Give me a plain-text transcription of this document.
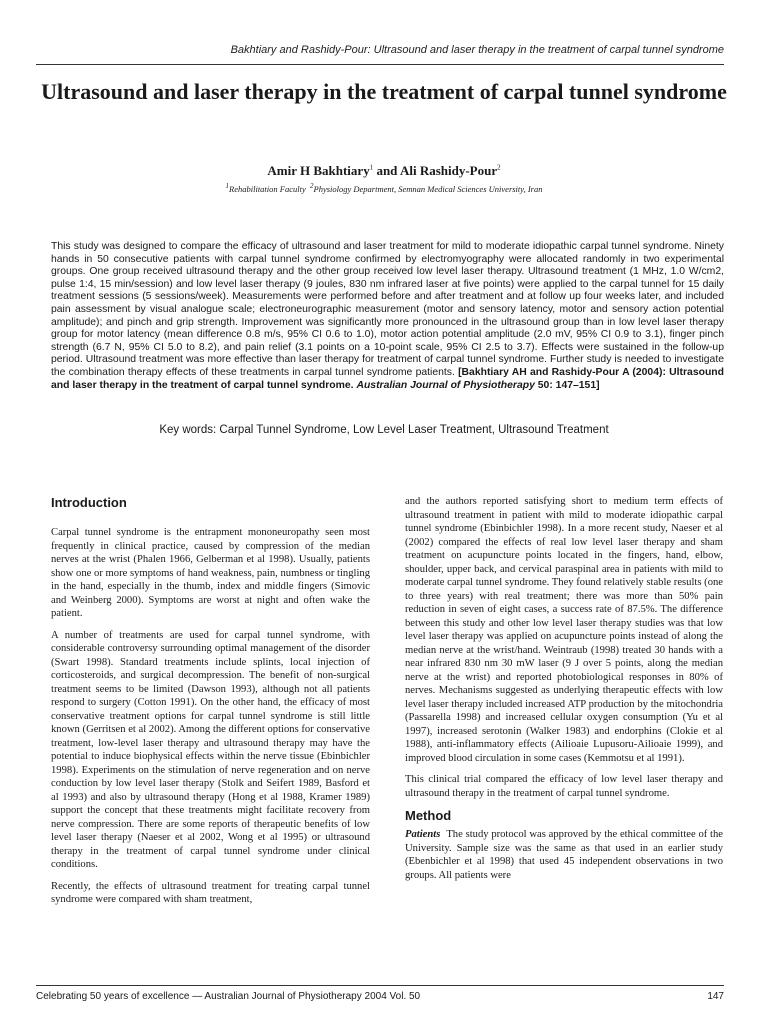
Bakhtiary and Rashidy-Pour: Ultrasound and laser therapy in the treatment of carpal tunnel syndrome
Ultrasound and laser therapy in the treatment of carpal tunnel syndrome
Amir H Bakhtiary$^1$ and Ali Rashidy-Pour$^2$
$^1$Rehabilitation Faculty $^2$Physiology Department, Semnan Medical Sciences University, Iran

This study was designed to compare the efficacy of ultrasound and laser treatment for mild to moderate idiopathic carpal tunnel syndrome. Ninety hands in 50 consecutive patients with carpal tunnel syndrome confirmed by electromyography were allocated randomly in two experimental groups. One group received ultrasound therapy and the other group received low level laser therapy. Ultrasound treatment (1 MHz, 1.0 W/cm2, pulse 1:4, 15 min/session) and low level laser therapy (9 joules, 830 nm infrared laser at five points) were applied to the carpal tunnel for 15 daily treatment sessions (5 sessions/week). Measurements were performed before and after treatment and at follow up four weeks later, and included pain assessment by visual analogue scale; electroneurographic measurement (motor and sensory latency, motor and sensory action potential amplitude); and pinch and grip strength. Improvement was significantly more pronounced in the ultrasound group than in low level laser therapy group for motor latency (mean difference 0.8 m/s, 95% CI 0.6 to 1.0), motor action potential amplitude (2.0 mV, 95% CI 0.9 to 3.1), finger pinch strength (6.7 N, 95% CI 5.0 to 8.2), and pain relief (3.1 points on a 10-point scale, 95% CI 2.5 to 3.7). Effects were sustained in the follow-up period. Ultrasound treatment was more effective than laser therapy for treatment of carpal tunnel syndrome. Further study is needed to investigate the combination therapy effects of these treatments in carpal tunnel syndrome patients. [Bakhtiary AH and Rashidy-Pour A (2004): Ultrasound and laser therapy in the treatment of carpal tunnel syndrome. Australian Journal of Physiotherapy 50: 147–151]

Key words: Carpal Tunnel Syndrome, Low Level Laser Treatment, Ultrasound Treatment
Introduction

Carpal tunnel syndrome is the entrapment mononeuropathy seen most frequently in clinical practice, caused by compression of the median nerves at the wrist (Phalen 1966, Gelberman et al 1998). Usually, patients show one or more symptoms of hand weakness, pain, numbness or tingling in the hand, especially in the thumb, index and middle fingers (Simovic and Weinberg 2000). Symptoms are worst at night and often wake the patient.

A number of treatments are used for carpal tunnel syndrome, with considerable controversy surrounding optimal management of the disorder (Swart 1998). Standard treatments include splints, local injection of corticosteroids, and surgical decompression. The benefit of non-surgical treatment seems to be limited (Dawson 1993), although not all patients respond to surgery (Cotton 1991). On the other hand, the efficacy of most conservative treatment options for carpal tunnel syndrome is still little known (Gerritsen et al 2002). Among the different options for conservative treatment, low-level laser therapy and ultrasound therapy may have the potential to induce biophysical effects within the nerve tissue (Ebinbichler 1998). Experiments on the stimulation of nerve regeneration and on nerve conduction by low level laser therapy (Stolk and Seifert 1989, Basford et al 1993) and also by ultrasound therapy (Hong et al 1988, Kramer 1989) support the concept that these treatments might facilitate recovery from nerve compression. There are some reports of therapeutic benefits of low level laser therapy (Naeser et al 2002, Wong et al 1995) or ultrasound therapy in the treatment of carpal tunnel syndrome under clinical conditions.

Recently, the effects of ultrasound treatment for treating carpal tunnel syndrome were compared with sham treatment,

and the authors reported satisfying short to medium term effects of ultrasound treatment in patient with mild to moderate idiopathic carpal tunnel syndrome (Ebinbichler 1998). In a more recent study, Naeser et al (2002) compared the effects of real low level laser therapy and sham treatment on acupuncture points located in the fingers, hand, elbow, shoulder, upper back, and cervical paraspinal area in patients with mild to moderate carpal tunnel syndrome. They found relatively stable results (one to three years) with real treatment; there was more than 50% pain reduction in seven of eight cases, a success rate of 87.5%. The difference between this study and other low level laser therapy studies was that low level laser therapy was applied on acupuncture points instead of along the median nerve at the wrist/hand. Weintraub (1998) treated 30 hands with a near infrared 830 nm 30 mW laser (9 J over 5 points, along the median nerve at the wrist) and reported photobiological responses in 80% of nerves. Mechanisms suggested as underlying therapeutic effects with low level laser therapy included increased ATP production by the mitochondria (Passarella 1998) and increased cellular oxygen consumption (Yu et al 1997), increased serotonin (Walker 1983) and endorphins (Clokie et al 1988), anti-inflammatory effects (Ailioaie Lupusoru-Ailioaie 1999), and improved blood circulation in some cases (Kemmotsu et al 1991).

This clinical trial compared the efficacy of low level laser therapy and ultrasound therapy in the treatment of carpal tunnel syndrome.

Method

Patients The study protocol was approved by the ethical committee of the University. Sample size was the same as that used in an earlier study (Ebenbichler et al 1998) that used 45 independent observations in two groups. All patients were

Celebrating 50 years of excellence — Australian Journal of Physiotherapy 2004 Vol. 50	147
